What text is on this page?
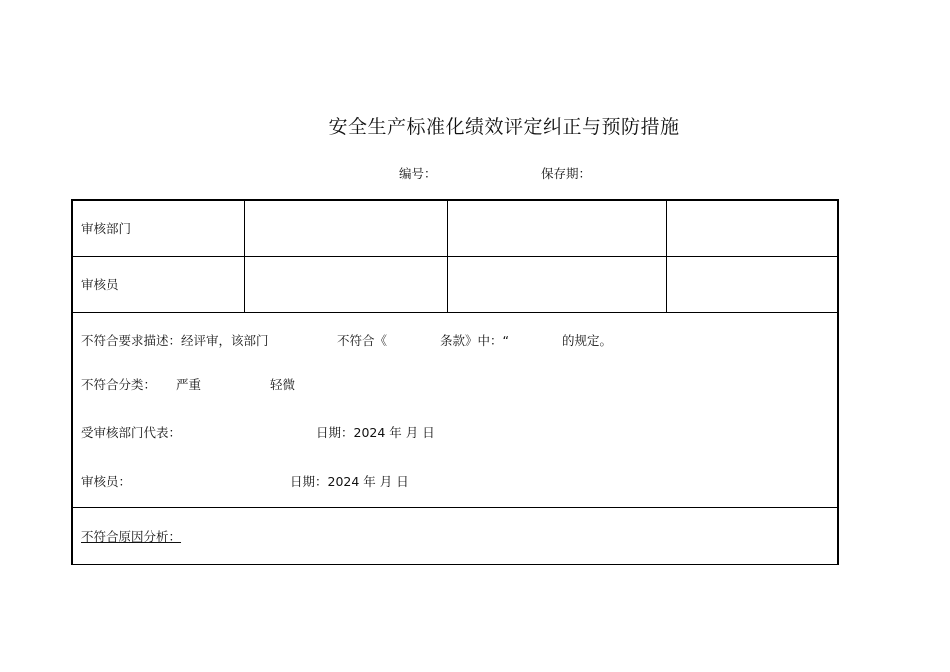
安全生产标准化绩效评定纠正与预防措施
编号：	保存期：
审核部门
审核员
不符合要求描述：经评审，该部门	不符合《	条款》中：“	的规定。
不符合分类： 严重	轻微
受审核部门代表：	日期：2024 年 月 日
审核员：	日期：2024 年 月 日
不符合原因分析：
